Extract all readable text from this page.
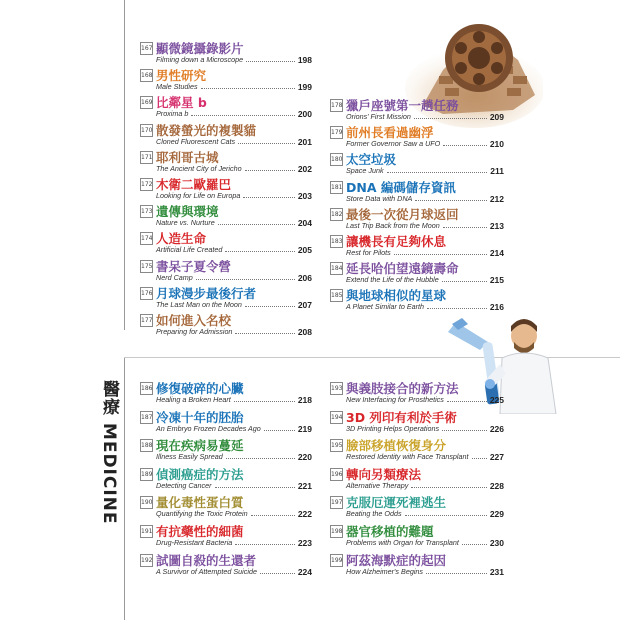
醫療 MEDICINE
167 顯微鏡攝錄影片
Filming down a Microscope	198
168 男性研究
Male Studies	199
169 比鄰星 b
Proxima b	200
170 散發螢光的複製貓
Cloned Fluorescent Cats	201
171 耶利哥古城
The Ancient City of Jericho	202
172 木衛二歐羅巴
Looking for Life on Europa	203
173 遺傳與環境
Nature vs. Nurture	204
174 人造生命
Artificial Life Created	205
175 書呆子夏令營
Nerd Camp	206
176 月球漫步最後行者
The Last Man on the Moon	207
177 如何進入名校
Preparing for Admission	208
178 獵戶座號第一趟任務
Orions' First Mission	209
179 前州長看過幽浮
Former Governor Saw a UFO	210
180 太空垃圾
Space Junk	211
181 DNA 編碼儲存資訊
Store Data with DNA	212
182 最後一次從月球返回
Last Trip Back from the Moon	213
183 讓機長有足夠休息
Rest for Pilots	214
184 延長哈伯望遠鏡壽命
Extend the Life of the Hubble	215
185 與地球相似的星球
A Planet Similar to Earth	216
186 修復破碎的心臟
Healing a Broken Heart	218
187 冷凍十年的胚胎
An Embryo Frozen Decades Ago	219
188 現在疾病易蔓延
Illness Easily Spread	220
189 偵測癌症的方法
Detecting Cancer	221
190 量化毒性蛋白質
Quantifying the Toxic Protein	222
191 有抗藥性的細菌
Drug-Resistant Bacteria	223
192 試圖自殺的生還者
A Survivor of Attempted Suicide	224
193 與義肢接合的新方法
New Interfacing for Prosthetics	225
194 3D 列印有利於手術
3D Printing Helps Operations	226
195 臉部移植恢復身分
Restored Identity with Face Transplant	227
196 轉向另類療法
Alternative Therapy	228
197 克服厄運死裡逃生
Beating the Odds	229
198 器官移植的難題
Problems with Organ for Transplant	230
199 阿茲海默症的起因
How Alzheimer's Begins	231
